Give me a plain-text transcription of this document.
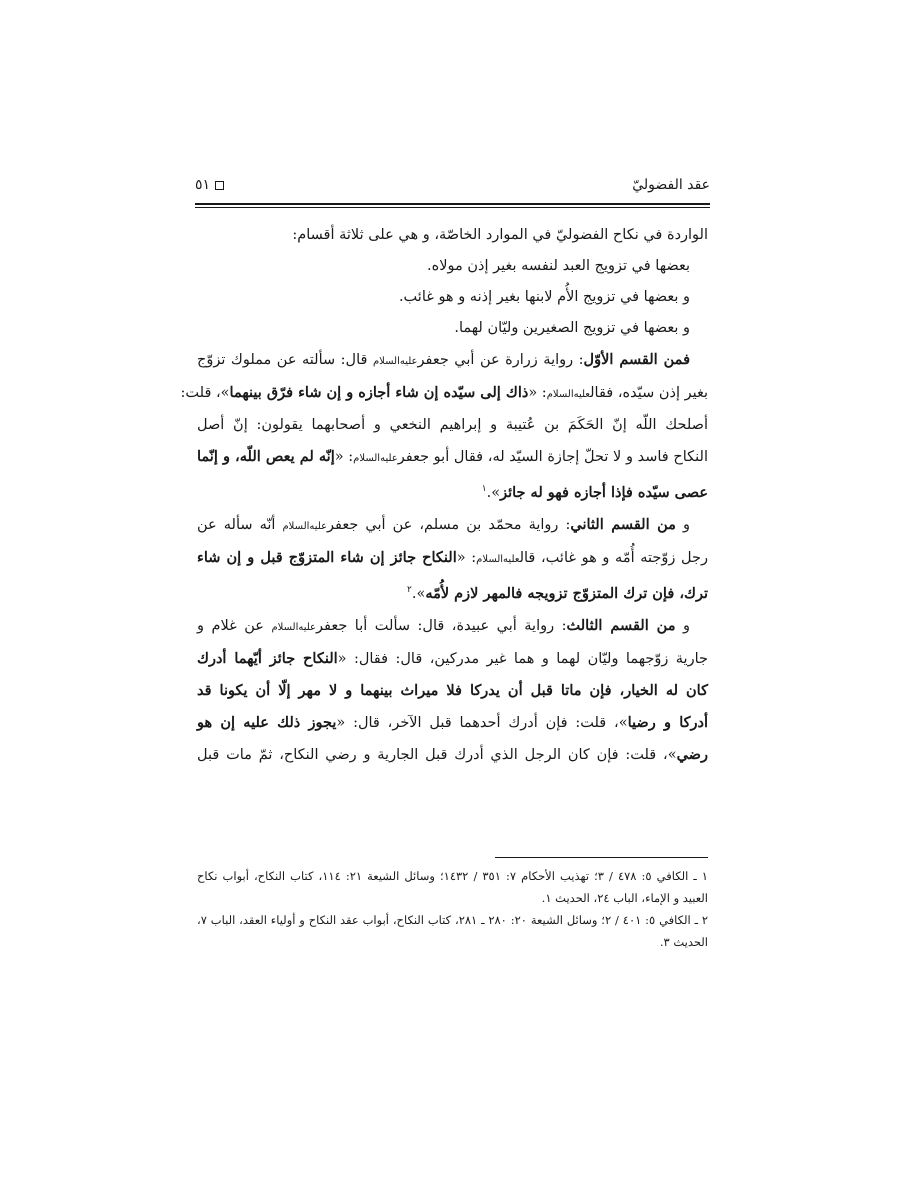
عقد الفضوليّ
٥١
الواردة في نكاح الفضوليّ في الموارد الخاصّة، و هي على ثلاثة أقسام:
بعضها في تزويج العبد لنفسه بغير إذن مولاه.
و بعضها في تزويج الأُم لابنها بغير إذنه و هو غائب.
و بعضها في تزويج الصغيرين وليّان لهما.
فمن القسم الأوّل: رواية زرارة عن أبي جعفرعليه‌السلام قال: سألته عن مملوك تزوّج
بغير إذن سيّده، فقالعليه‌السلام: «ذاك إلى سيّده إن شاء أجازه و إن شاء فرّق بينهما»، قلت:
أصلحك اللّه إنّ الحَكَمَ بن عُتيبة و إبراهيم النخعي و أصحابهما يقولون: إنّ أصل
النكاح فاسد و لا تحلّ إجازة السيّد له، فقال أبو جعفرعليه‌السلام: «إنّه لم يعص اللّه، و إنّما
عصى سيّده فإذا أجازه فهو له جائز».$^١$
و من القسم الثاني: رواية محمّد بن مسلم، عن أبي جعفرعليه‌السلام أنّه سأله عن
رجل زوّجته أُمّه و هو غائب، قالعليه‌السلام: «النكاح جائز إن شاء المتزوّج قبل و إن شاء
ترك، فإن ترك المتزوّج تزويجه فالمهر لازم لأُمّه».$^٢$
و من القسم الثالث: رواية أبي عبيدة، قال: سألت أبا جعفرعليه‌السلام عن غلام و
جارية زوّجهما وليّان لهما و هما غير مدركين، قال: فقال: «النكاح جائز أيّهما أدرك
كان له الخيار، فإن ماتا قبل أن يدركا فلا ميراث بينهما و لا مهر إلّا أن يكونا قد
أدركا و رضيا»، قلت: فإن أدرك أحدهما قبل الآخر، قال: «يجوز ذلك عليه إن هو
رضي»، قلت: فإن كان الرجل الذي أدرك قبل الجارية و رضي النكاح، ثمّ مات قبل
١ ـ الكافي ٥: ٤٧٨ / ٣؛ تهذيب الأحكام ٧: ٣٥١ / ١٤٣٢؛ وسائل الشيعة ٢١: ١١٤، كتاب النكاح، أبواب نكاح العبيد و الإماء، الباب ٢٤، الحديث ١.
٢ ـ الكافي ٥: ٤٠١ / ٢؛ وسائل الشيعة ٢٠: ٢٨٠ ـ ٢٨١، كتاب النكاح، أبواب عقد النكاح و أولياء العقد، الباب ٧، الحديث ٣.
